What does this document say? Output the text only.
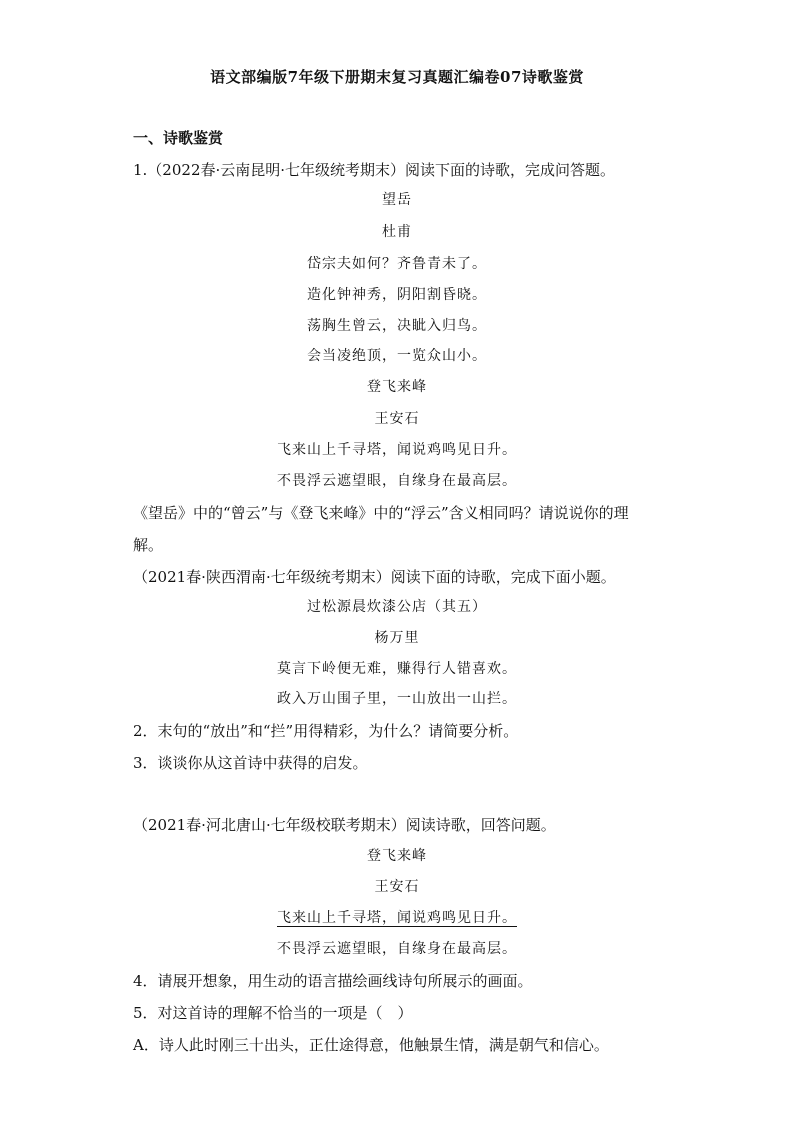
语文部编版7年级下册期末复习真题汇编卷07诗歌鉴赏
一、诗歌鉴赏
1.（2022春·云南昆明·七年级统考期末）阅读下面的诗歌，完成问答题。
望岳
杜甫
岱宗夫如何？齐鲁青未了。
造化钟神秀，阴阳割昏晓。
荡胸生曾云，决眦入归鸟。
会当凌绝顶，一览众山小。
登飞来峰
王安石
飞来山上千寻塔，闻说鸡鸣见日升。
不畏浮云遮望眼，自缘身在最高层。
《望岳》中的“曾云”与《登飞来峰》中的“浮云”含义相同吗？请说说你的理
解。
（2021春·陕西渭南·七年级统考期末）阅读下面的诗歌，完成下面小题。
过松源晨炊漆公店（其五）
杨万里
莫言下岭便无难，赚得行人错喜欢。
政入万山围子里，一山放出一山拦。
2．末句的“放出”和“拦”用得精彩，为什么？请简要分析。
3．谈谈你从这首诗中获得的启发。
（2021春·河北唐山·七年级校联考期末）阅读诗歌，回答问题。
登飞来峰
王安石
飞来山上千寻塔，闻说鸡鸣见日升。
不畏浮云遮望眼，自缘身在最高层。
4．请展开想象，用生动的语言描绘画线诗句所展示的画面。
5．对这首诗的理解不恰当的一项是（　）
A．诗人此时刚三十出头，正仕途得意，他触景生情，满是朝气和信心。
